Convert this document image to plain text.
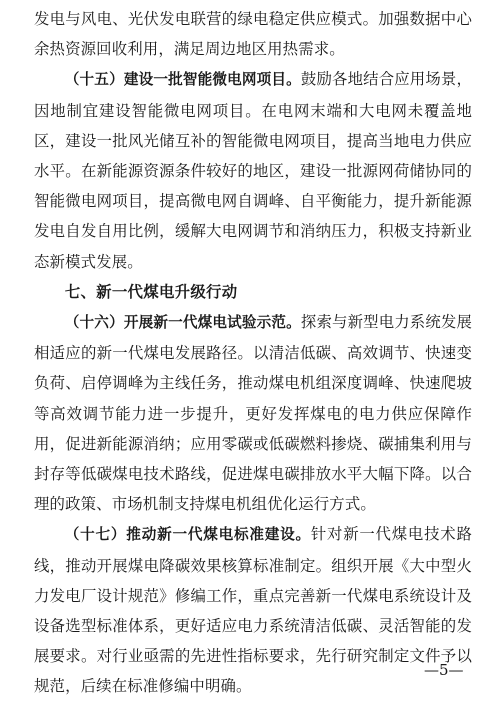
发电与风电、光伏发电联营的绿电稳定供应模式。加强数据中心余热资源回收利用，满足周边地区用热需求。

（十五）建设一批智能微电网项目。鼓励各地结合应用场景，因地制宜建设智能微电网项目。在电网末端和大电网未覆盖地区，建设一批风光储互补的智能微电网项目，提高当地电力供应水平。在新能源资源条件较好的地区，建设一批源网荷储协同的智能微电网项目，提高微电网自调峰、自平衡能力，提升新能源发电自发自用比例，缓解大电网调节和消纳压力，积极支持新业态新模式发展。

七、新一代煤电升级行动

（十六）开展新一代煤电试验示范。探索与新型电力系统发展相适应的新一代煤电发展路径。以清洁低碳、高效调节、快速变负荷、启停调峰为主线任务，推动煤电机组深度调峰、快速爬坡等高效调节能力进一步提升，更好发挥煤电的电力供应保障作用，促进新能源消纳；应用零碳或低碳燃料掺烧、碳捕集利用与封存等低碳煤电技术路线，促进煤电碳排放水平大幅下降。以合理的政策、市场机制支持煤电机组优化运行方式。

（十七）推动新一代煤电标准建设。针对新一代煤电技术路线，推动开展煤电降碳效果核算标准制定。组织开展《大中型火力发电厂设计规范》修编工作，重点完善新一代煤电系统设计及设备选型标准体系，更好适应电力系统清洁低碳、灵活智能的发展要求。对行业亟需的先进性指标要求，先行研究制定文件予以规范，后续在标准修编中明确。

—5—
